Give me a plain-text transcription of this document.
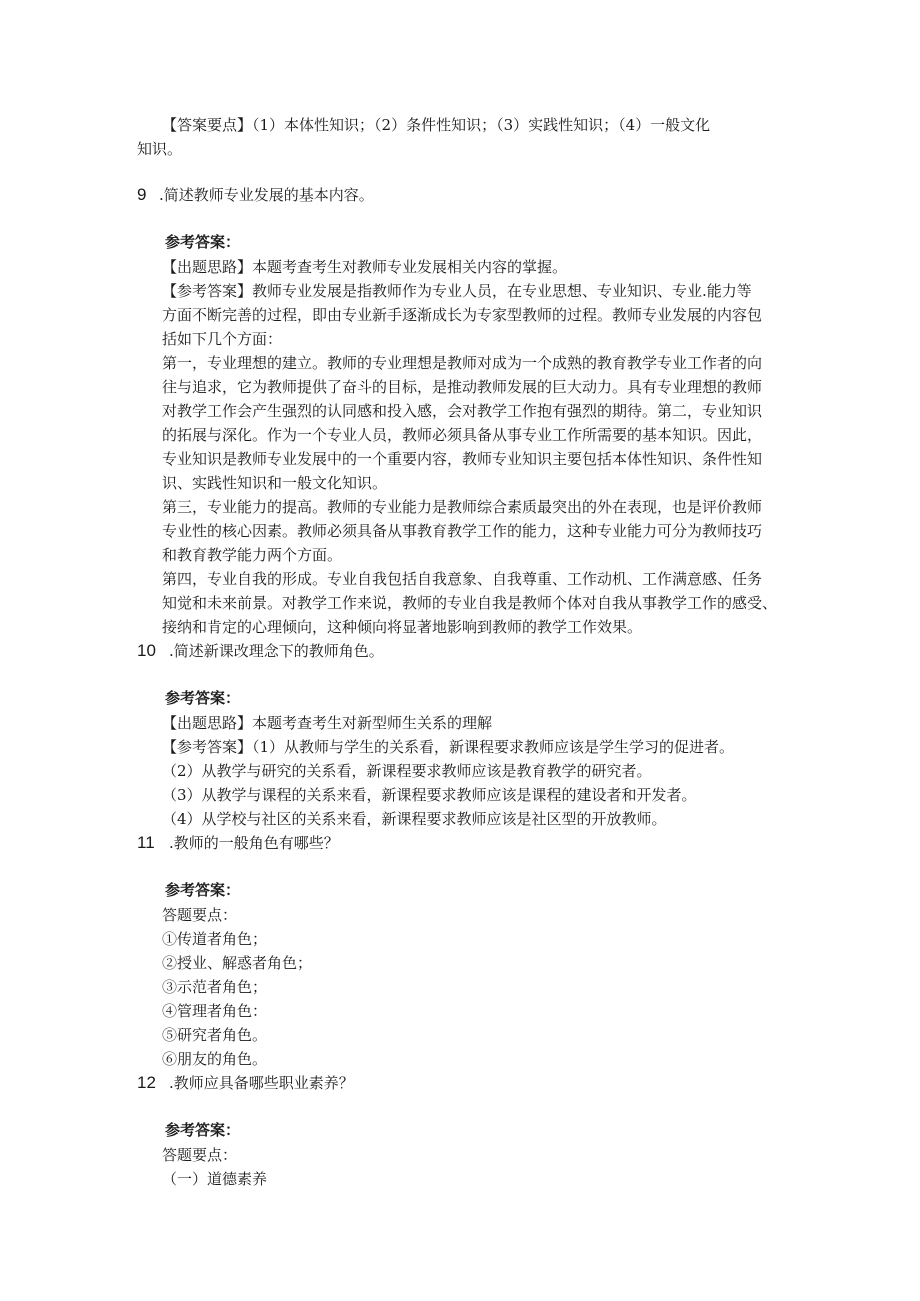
【答案要点】（1）本体性知识；（2）条件性知识；（3）实践性知识；（4）一般文化
知识。
9 .简述教师专业发展的基本内容。
参考答案：
【出题思路】本题考查考生对教师专业发展相关内容的掌握。
【参考答案】教师专业发展是指教师作为专业人员，在专业思想、专业知识、专业.能力等
方面不断完善的过程，即由专业新手逐渐成长为专家型教师的过程。教师专业发展的内容包
括如下几个方面：
第一，专业理想的建立。教师的专业理想是教师对成为一个成熟的教育教学专业工作者的向
往与追求，它为教师提供了奋斗的目标，是推动教师发展的巨大动力。具有专业理想的教师
对教学工作会产生强烈的认同感和投入感，会对教学工作抱有强烈的期待。第二，专业知识
的拓展与深化。作为一个专业人员，教师必须具备从事专业工作所需要的基本知识。因此，
专业知识是教师专业发展中的一个重要内容，教师专业知识主要包括本体性知识、条件性知
识、实践性知识和一般文化知识。
第三，专业能力的提高。教师的专业能力是教师综合素质最突出的外在表现，也是评价教师
专业性的核心因素。教师必须具备从事教育教学工作的能力，这种专业能力可分为教师技巧
和教育教学能力两个方面。
第四，专业自我的形成。专业自我包括自我意象、自我尊重、工作动机、工作满意感、任务
知觉和未来前景。对教学工作来说，教师的专业自我是教师个体对自我从事教学工作的感受、
接纳和肯定的心理倾向，这种倾向将显著地影响到教师的教学工作效果。
10 .简述新课改理念下的教师角色。
参考答案：
【出题思路】本题考查考生对新型师生关系的理解
【参考答案】（1）从教师与学生的关系看，新课程要求教师应该是学生学习的促进者。
（2）从教学与研究的关系看，新课程要求教师应该是教育教学的研究者。
（3）从教学与课程的关系来看，新课程要求教师应该是课程的建设者和开发者。
（4）从学校与社区的关系来看，新课程要求教师应该是社区型的开放教师。
11 .教师的一般角色有哪些？
参考答案：
答题要点：
①传道者角色；
②授业、解惑者角色；
③示范者角色；
④管理者角色：
⑤研究者角色。
⑥朋友的角色。
12 .教师应具备哪些职业素养？
参考答案：
答题要点：
（一）道德素养
